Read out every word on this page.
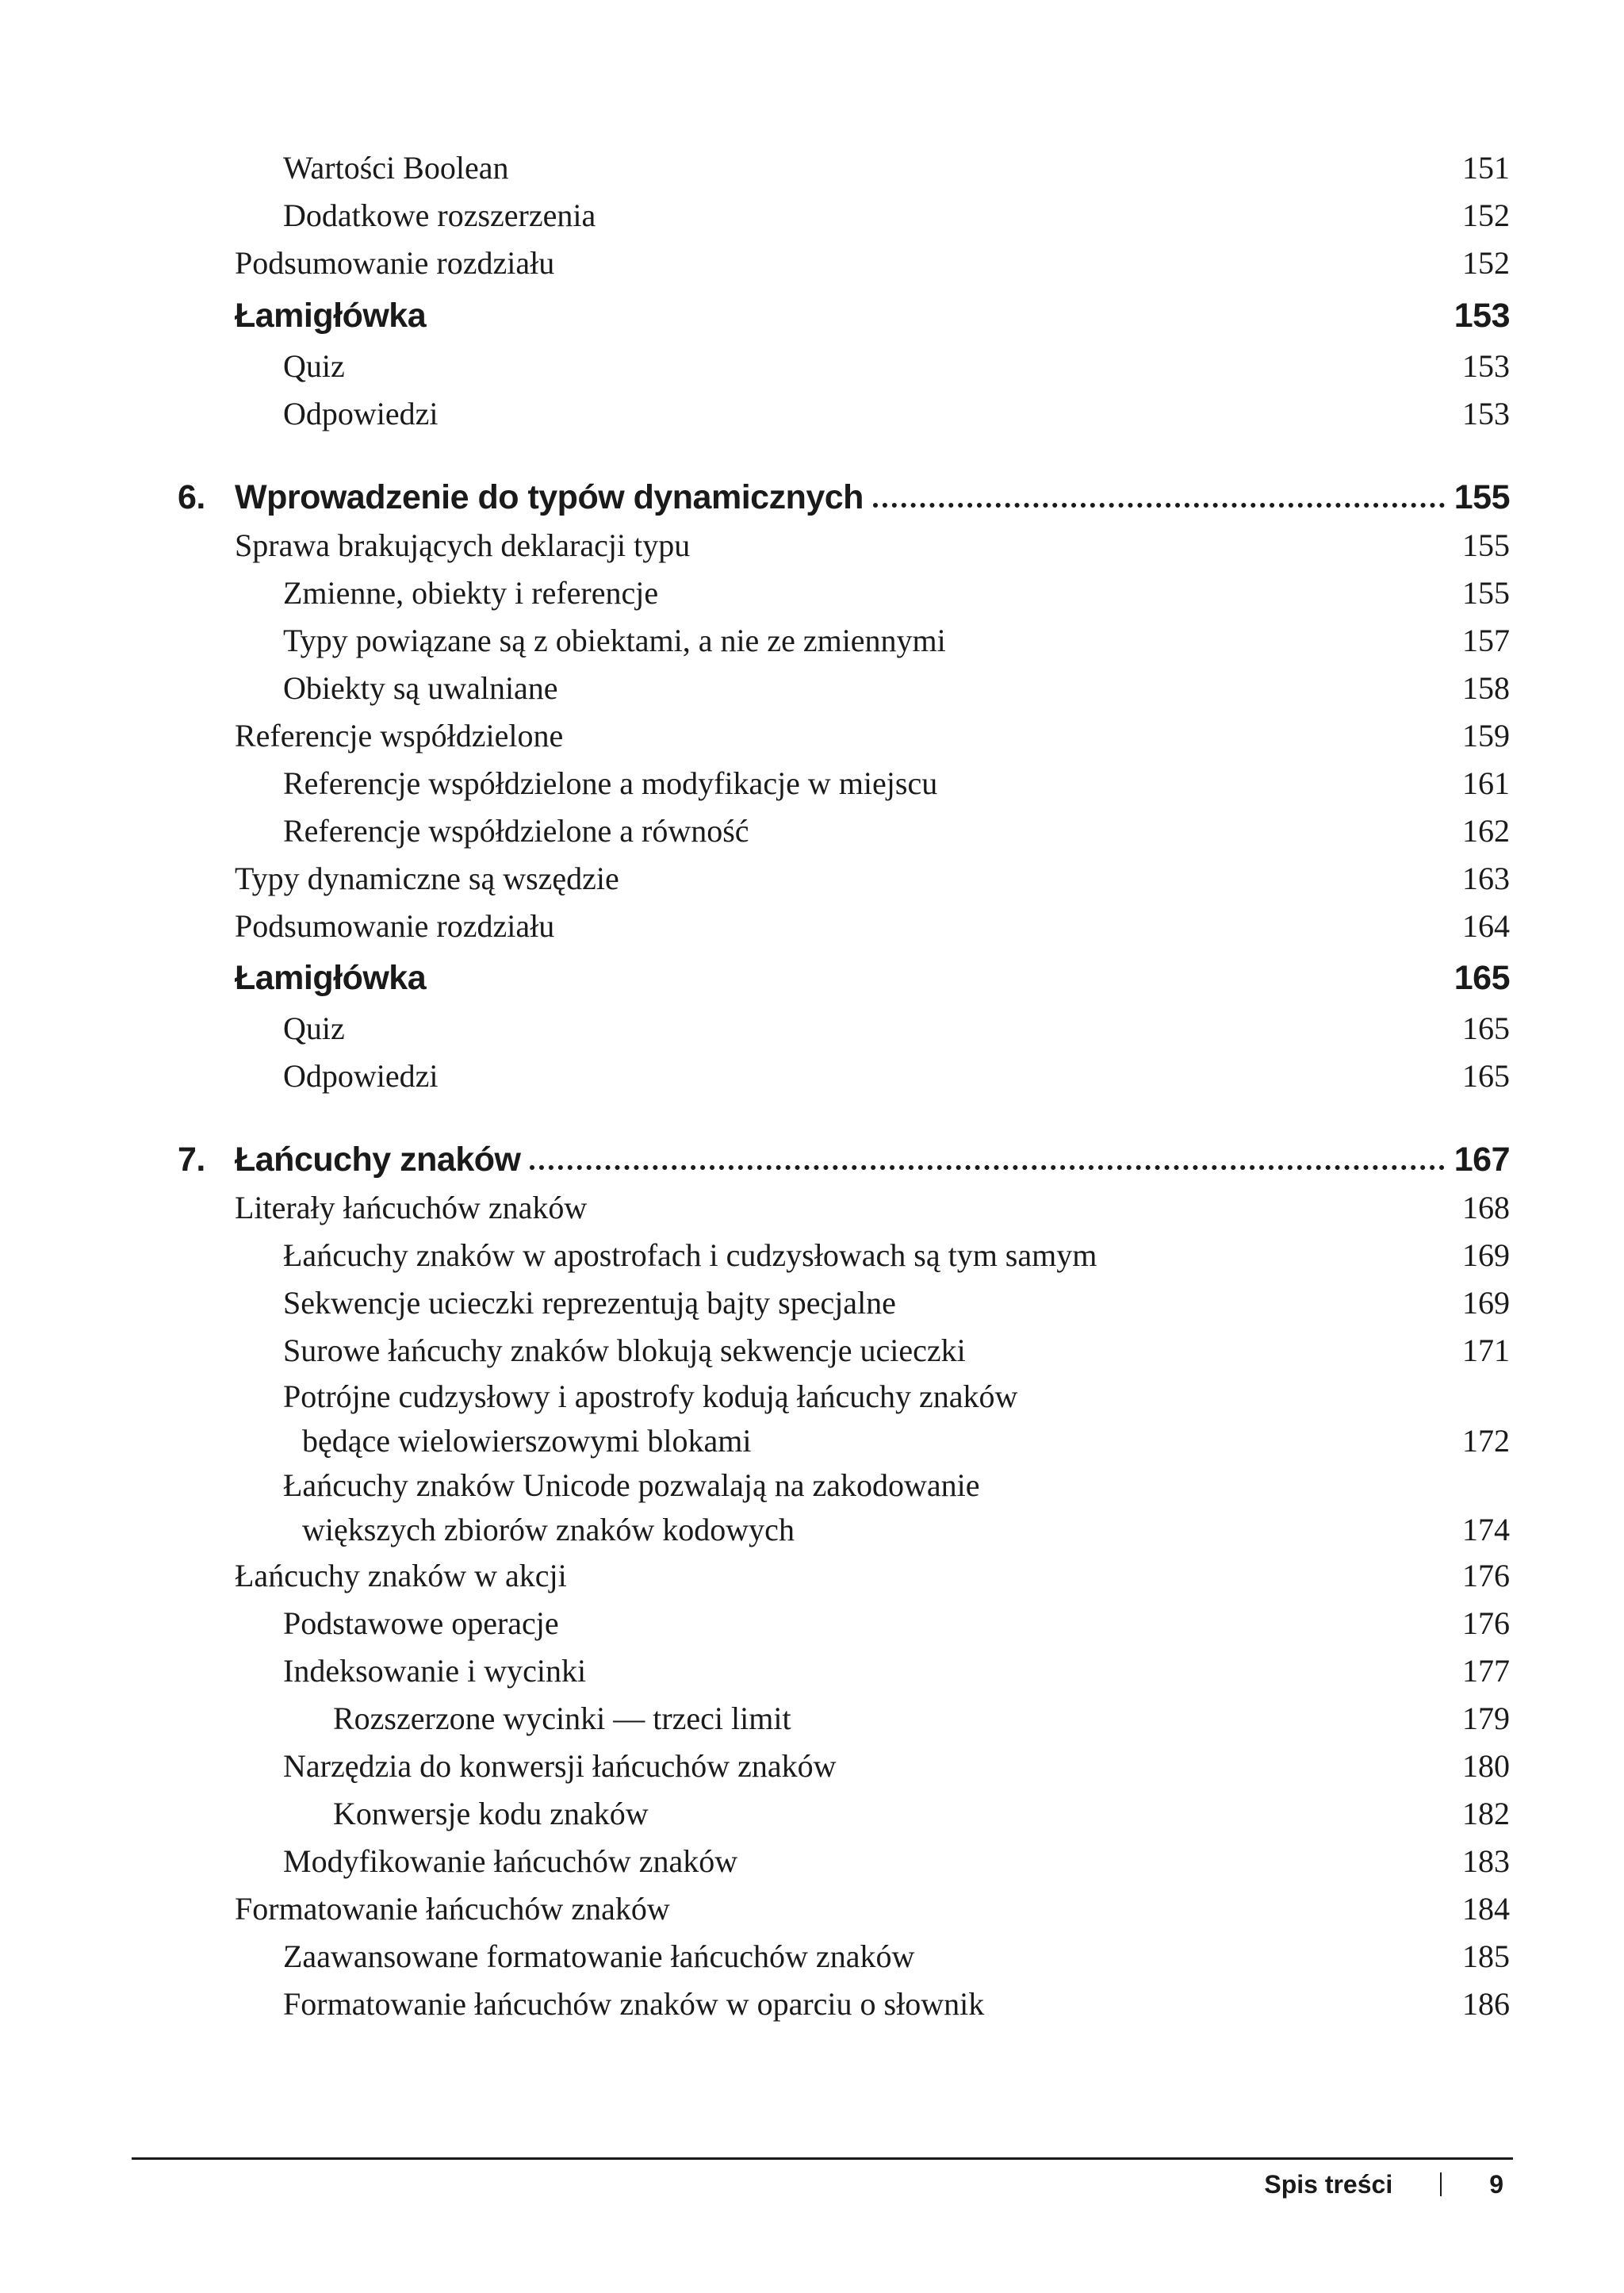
Wartości Boolean	151
Dodatkowe rozszerzenia	152
Podsumowanie rozdziału	152
Łamigłówka	153
Quiz	153
Odpowiedzi	153
6. Wprowadzenie do typów dynamicznych	155
Sprawa brakujących deklaracji typu	155
Zmienne, obiekty i referencje	155
Typy powiązane są z obiektami, a nie ze zmiennymi	157
Obiekty są uwalniane	158
Referencje współdzielone	159
Referencje współdzielone a modyfikacje w miejscu	161
Referencje współdzielone a równość	162
Typy dynamiczne są wszędzie	163
Podsumowanie rozdziału	164
Łamigłówka	165
Quiz	165
Odpowiedzi	165
7. Łańcuchy znaków	167
Literały łańcuchów znaków	168
Łańcuchy znaków w apostrofach i cudzysłowach są tym samym	169
Sekwencje ucieczki reprezentują bajty specjalne	169
Surowe łańcuchy znaków blokują sekwencje ucieczki	171
Potrójne cudzysłowy i apostrofy kodują łańcuchy znaków
będące wielowierszowymi blokami	172
Łańcuchy znaków Unicode pozwalają na zakodowanie
większych zbiorów znaków kodowych	174
Łańcuchy znaków w akcji	176
Podstawowe operacje	176
Indeksowanie i wycinki	177
Rozszerzone wycinki — trzeci limit	179
Narzędzia do konwersji łańcuchów znaków	180
Konwersje kodu znaków	182
Modyfikowanie łańcuchów znaków	183
Formatowanie łańcuchów znaków	184
Zaawansowane formatowanie łańcuchów znaków	185
Formatowanie łańcuchów znaków w oparciu o słownik	186
Spis treści	9
